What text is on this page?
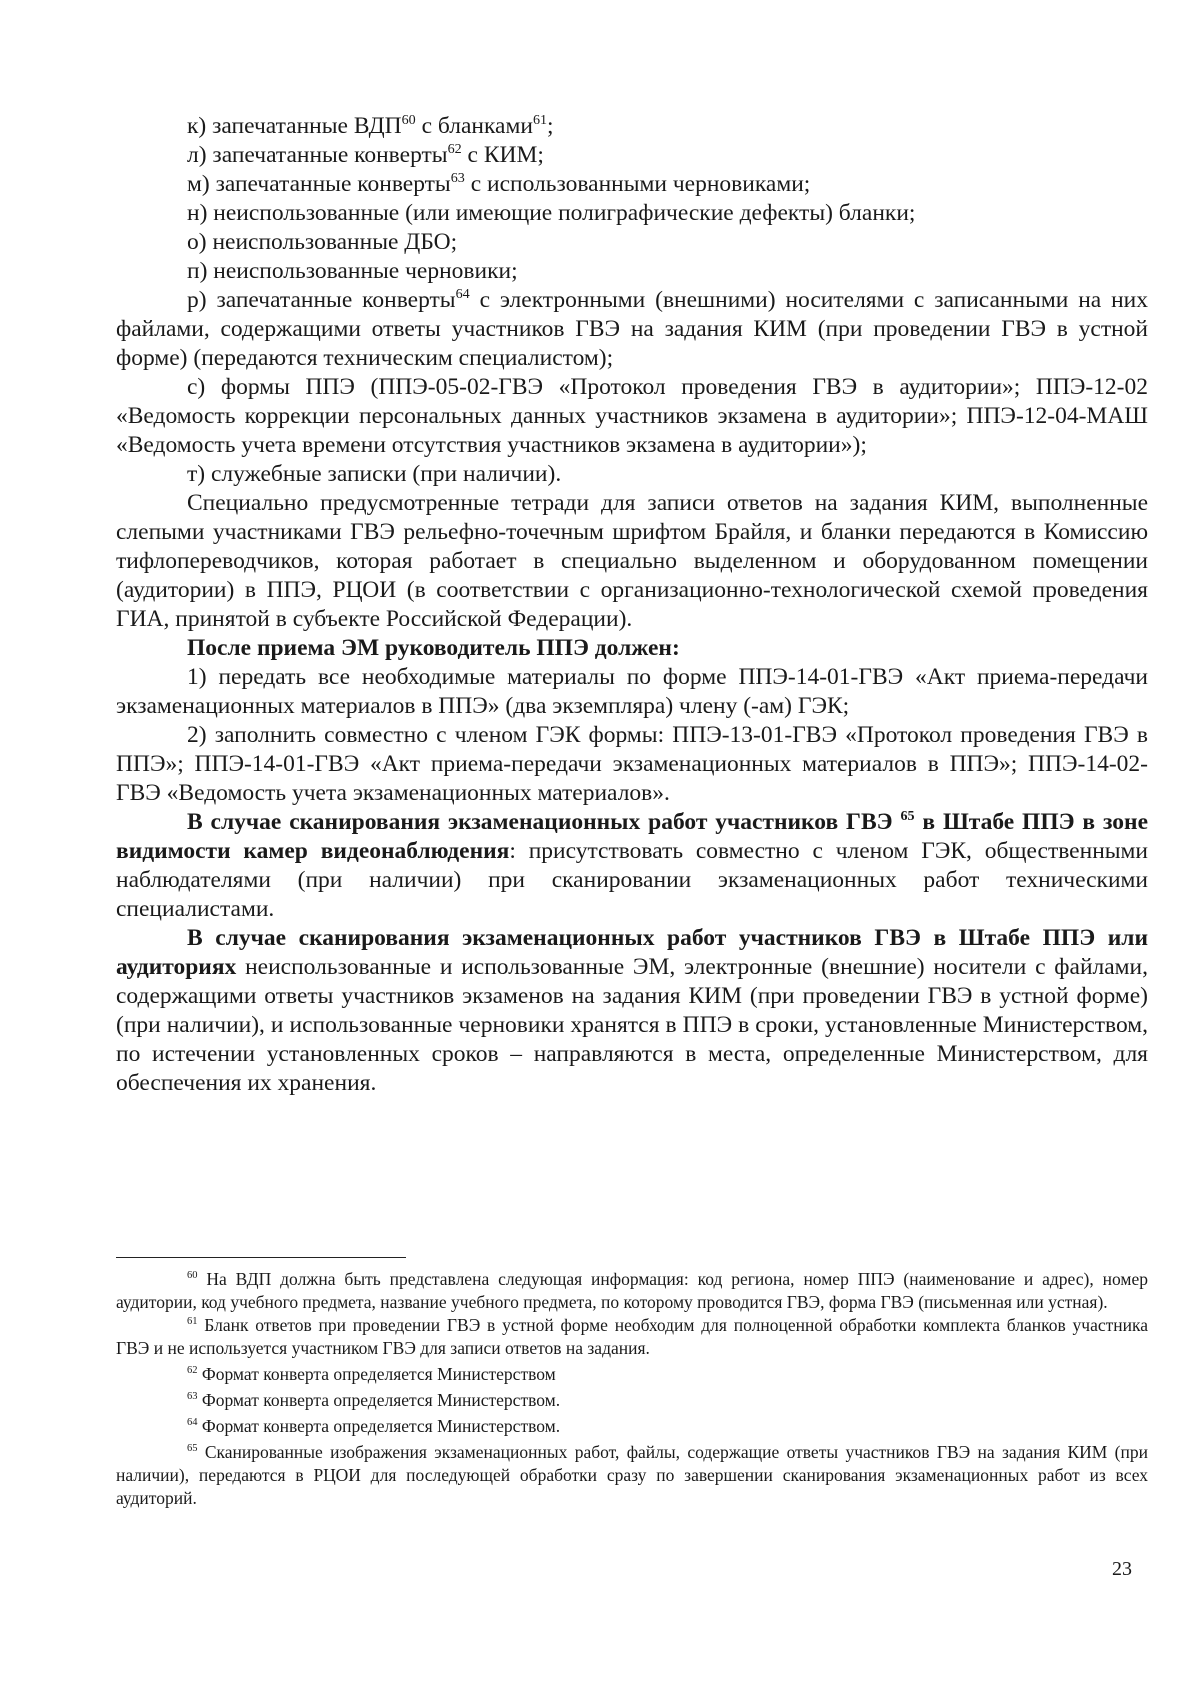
к) запечатанные ВДП$^{60}$ с бланками$^{61}$;

л) запечатанные конверты$^{62}$ с КИМ;

м) запечатанные конверты$^{63}$ с использованными черновиками;

н) неиспользованные (или имеющие полиграфические дефекты) бланки;

о) неиспользованные ДБО;

п) неиспользованные черновики;

р) запечатанные конверты$^{64}$ с электронными (внешними) носителями с записанными на них файлами, содержащими ответы участников ГВЭ на задания КИМ (при проведении ГВЭ в устной форме) (передаются техническим специалистом);

с) формы ППЭ (ППЭ-05-02-ГВЭ «Протокол проведения ГВЭ в аудитории»; ППЭ-12-02 «Ведомость коррекции персональных данных участников экзамена в аудитории»; ППЭ-12-04-МАШ «Ведомость учета времени отсутствия участников экзамена в аудитории»);

т) служебные записки (при наличии).

Специально предусмотренные тетради для записи ответов на задания КИМ, выполненные слепыми участниками ГВЭ рельефно-точечным шрифтом Брайля, и бланки передаются в Комиссию тифлопереводчиков, которая работает в специально выделенном и оборудованном помещении (аудитории) в ППЭ, РЦОИ (в соответствии с организационно-технологической схемой проведения ГИА, принятой в субъекте Российской Федерации).

После приема ЭМ руководитель ППЭ должен:

1) передать все необходимые материалы по форме ППЭ-14-01-ГВЭ «Акт приема-передачи экзаменационных материалов в ППЭ» (два экземпляра) члену (-ам) ГЭК;

2) заполнить совместно с членом ГЭК формы: ППЭ-13-01-ГВЭ «Протокол проведения ГВЭ в ППЭ»; ППЭ-14-01-ГВЭ «Акт приема-передачи экзаменационных материалов в ППЭ»; ППЭ-14-02-ГВЭ «Ведомость учета экзаменационных материалов».

В случае сканирования экзаменационных работ участников ГВЭ $^{65}$ в Штабе ППЭ в зоне видимости камер видеонаблюдения: присутствовать совместно с членом ГЭК, общественными наблюдателями (при наличии) при сканировании экзаменационных работ техническими специалистами.

В случае сканирования экзаменационных работ участников ГВЭ в Штабе ППЭ или аудиториях неиспользованные и использованные ЭМ, электронные (внешние) носители с файлами, содержащими ответы участников экзаменов на задания КИМ (при проведении ГВЭ в устной форме) (при наличии), и использованные черновики хранятся в ППЭ в сроки, установленные Министерством, по истечении установленных сроков – направляются в места, определенные Министерством, для обеспечения их хранения.

$^{60}$ На ВДП должна быть представлена следующая информация: код региона, номер ППЭ (наименование и адрес), номер аудитории, код учебного предмета, название учебного предмета, по которому проводится ГВЭ, форма ГВЭ (письменная или устная).

$^{61}$ Бланк ответов при проведении ГВЭ в устной форме необходим для полноценной обработки комплекта бланков участника ГВЭ и не используется участником ГВЭ для записи ответов на задания.

$^{62}$ Формат конверта определяется Министерством

$^{63}$ Формат конверта определяется Министерством.

$^{64}$ Формат конверта определяется Министерством.

$^{65}$ Сканированные изображения экзаменационных работ, файлы, содержащие ответы участников ГВЭ на задания КИМ (при наличии), передаются в РЦОИ для последующей обработки сразу по завершении сканирования экзаменационных работ из всех аудиторий.

23
